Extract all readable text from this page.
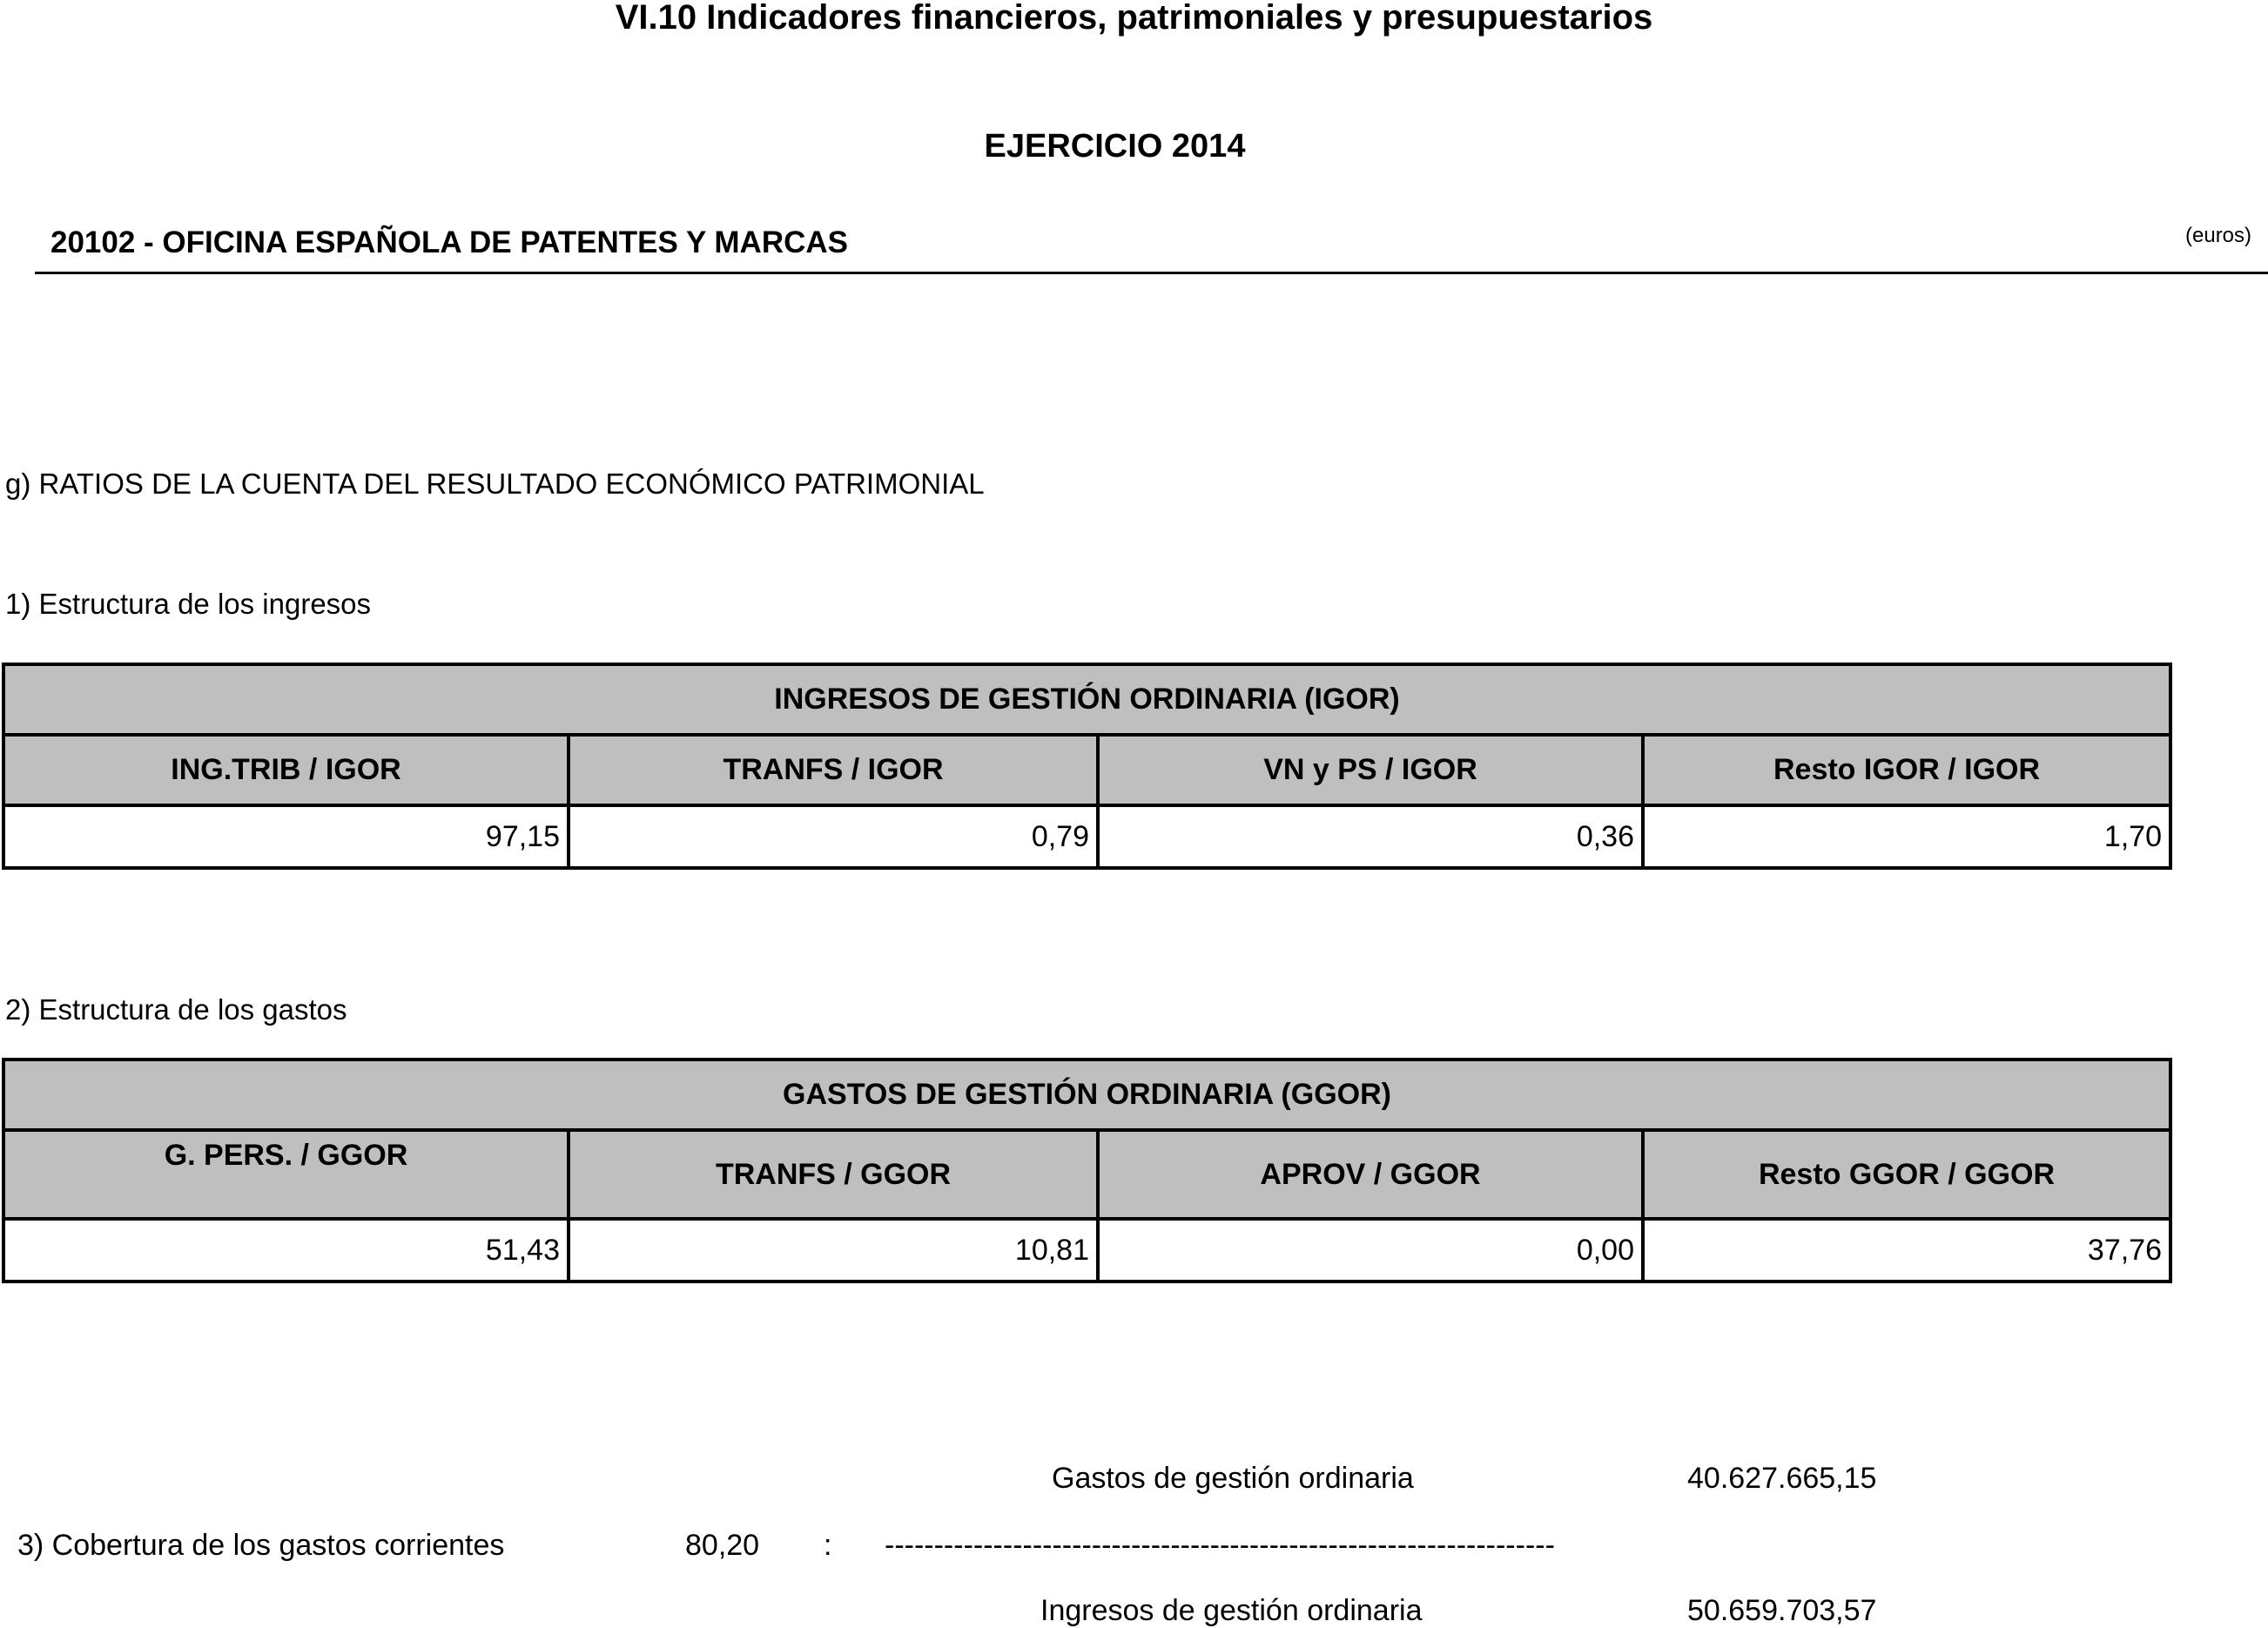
VI.10 Indicadores financieros, patrimoniales y presupuestarios
EJERCICIO 2014
20102 - OFICINA ESPAÑOLA DE PATENTES Y MARCAS	(euros)
g) RATIOS DE LA CUENTA DEL RESULTADO ECONÓMICO PATRIMONIAL
1) Estructura de los ingresos
INGRESOS DE GESTIÓN ORDINARIA (IGOR)			
ING.TRIB / IGOR	TRANFS / IGOR	VN y PS / IGOR	Resto IGOR / IGOR
97,15	0,79	0,36	1,70
2) Estructura de los gastos
GASTOS DE GESTIÓN ORDINARIA (GGOR)			
G. PERS. / GGOR	TRANFS / GGOR	APROV / GGOR	Resto GGOR / GGOR
51,43	10,81	0,00	37,76
Gastos de gestión ordinaria	40.627.665,15
3) Cobertura de los gastos corrientes	80,20 : --------------------------------------------------------------------
Ingresos de gestión ordinaria	50.659.703,57
